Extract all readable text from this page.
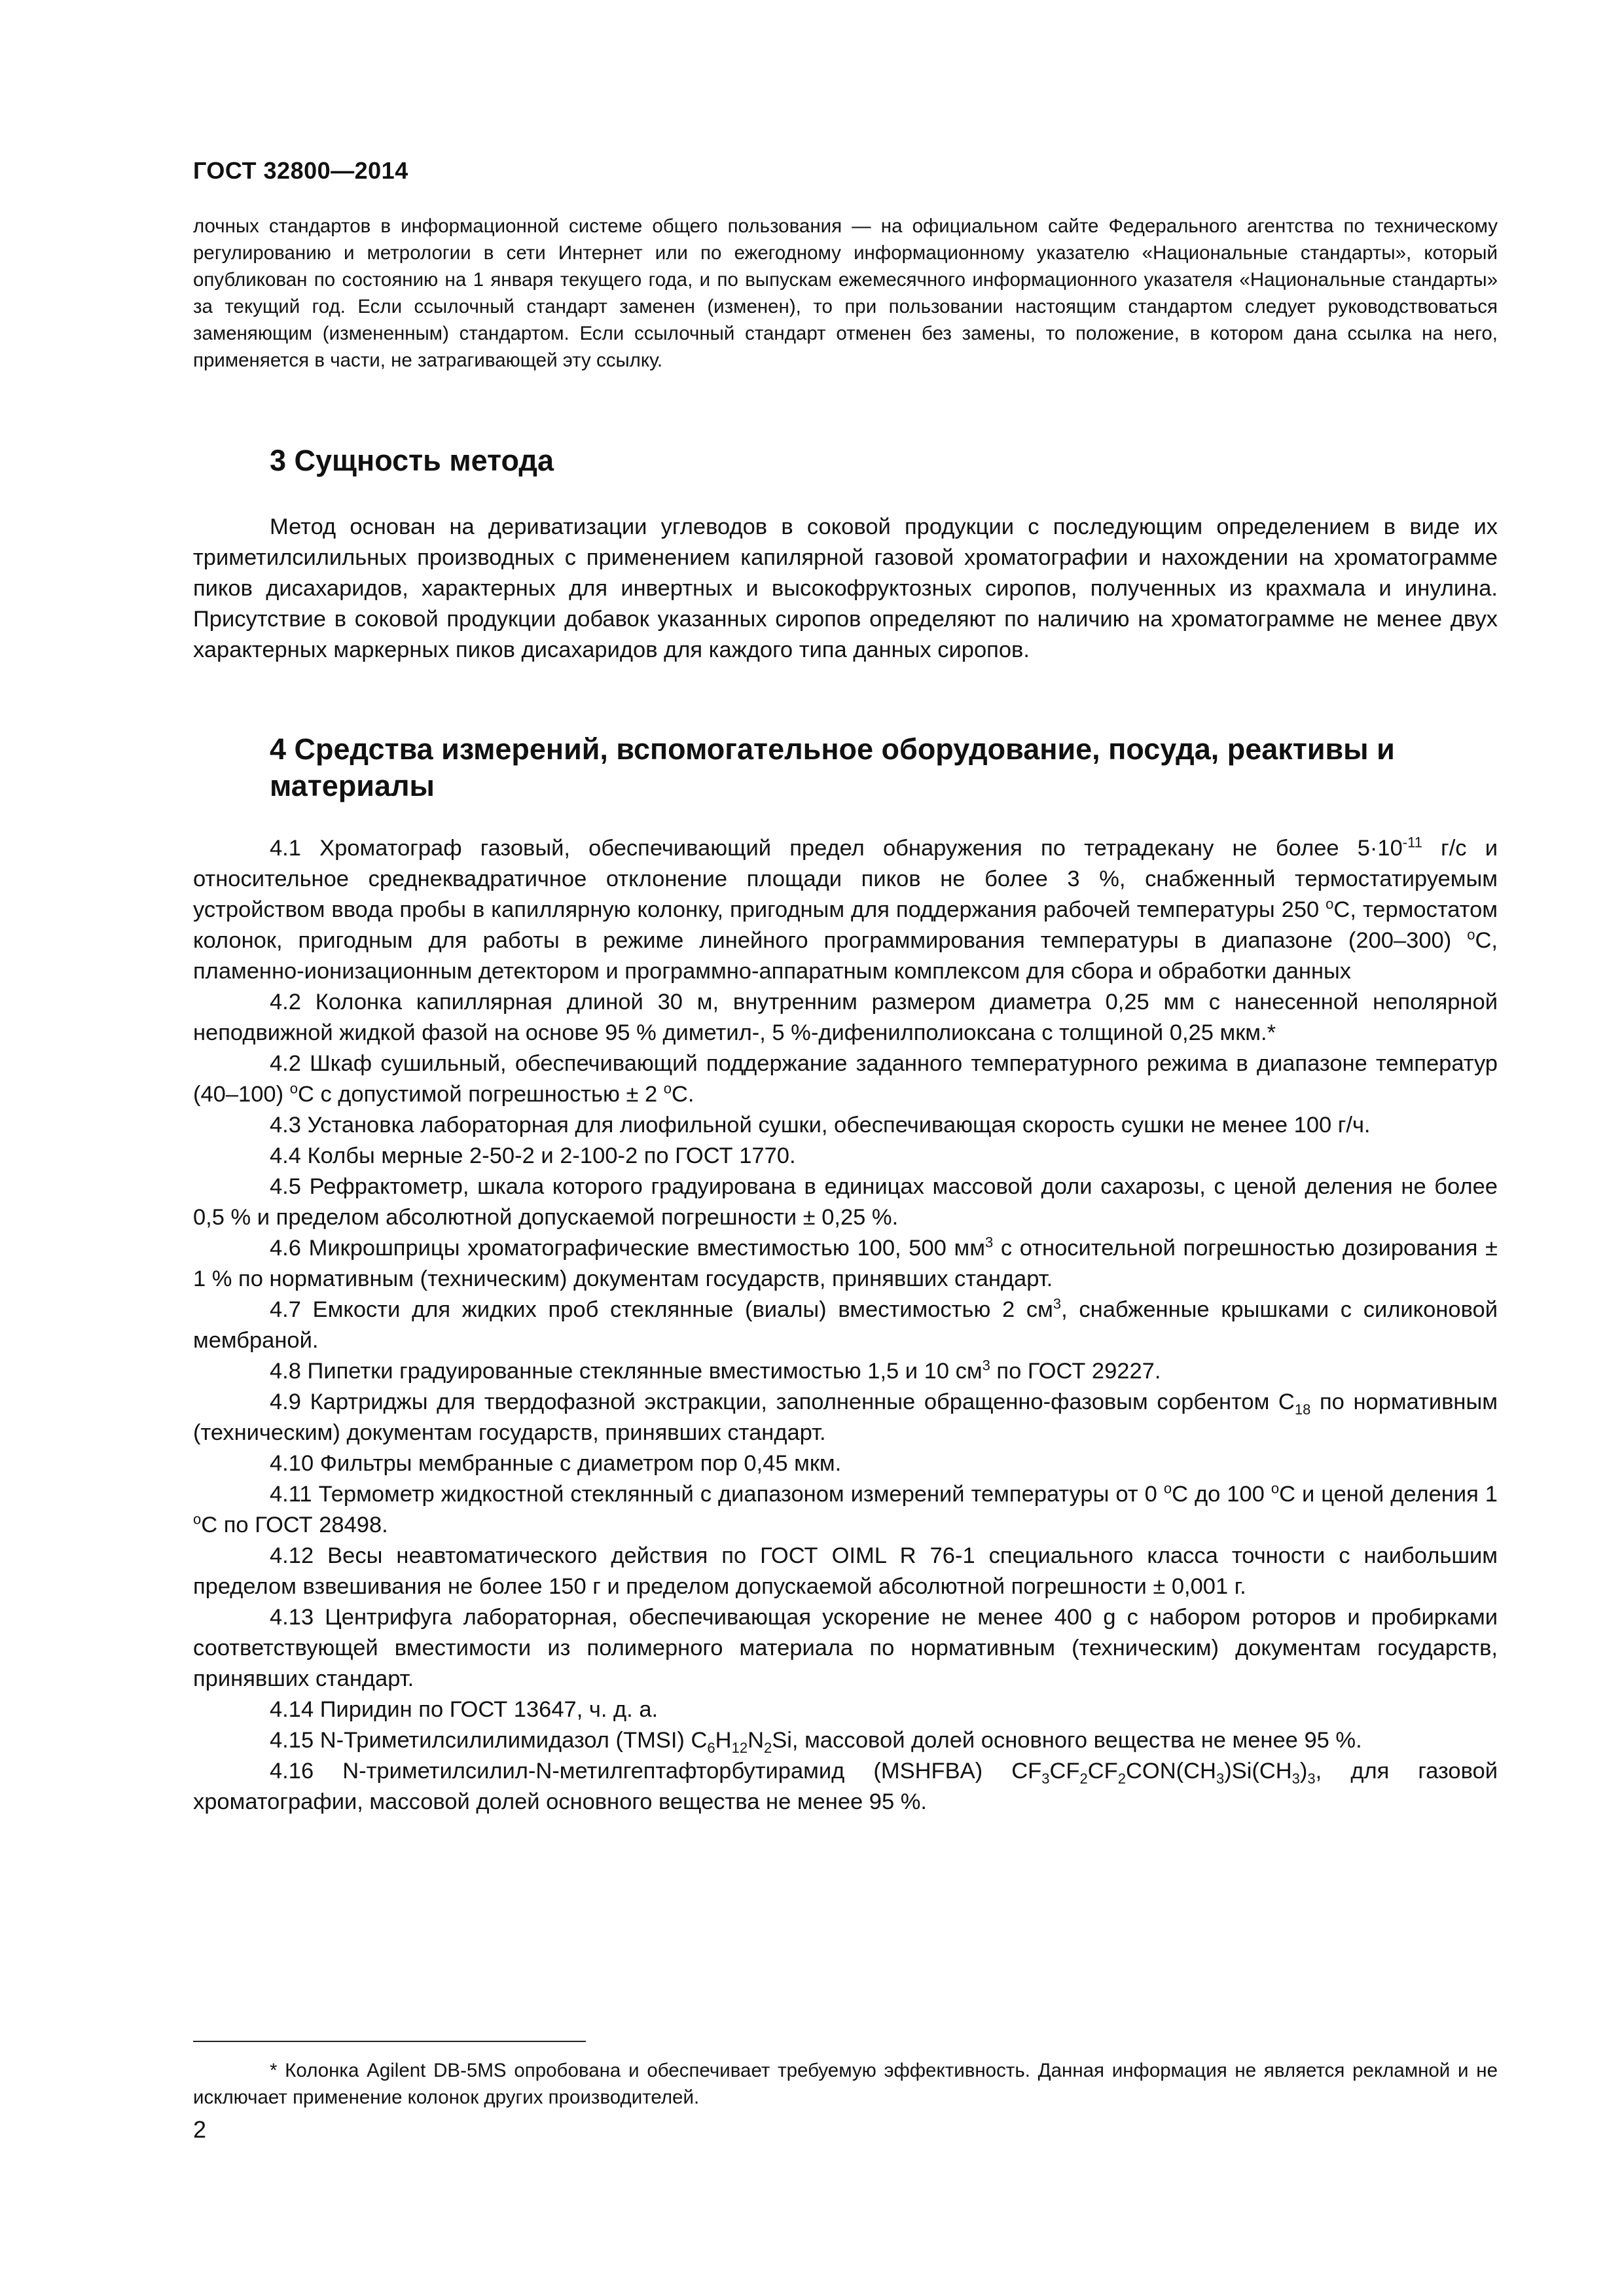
ГОСТ 32800—2014

лочных стандартов в информационной системе общего пользования — на официальном сайте Федерального агентства по техническому регулированию и метрологии в сети Интернет или по ежегодному информационному указателю «Национальные стандарты», который опубликован по состоянию на 1 января текущего года, и по выпускам ежемесячного информационного указателя «Национальные стандарты» за текущий год. Если ссылочный стандарт заменен (изменен), то при пользовании настоящим стандартом следует руководствоваться заменяющим (измененным) стандартом. Если ссылочный стандарт отменен без замены, то положение, в котором дана ссылка на него, применяется в части, не затрагивающей эту ссылку.

3 Сущность метода

Метод основан на дериватизации углеводов в соковой продукции с последующим определением в виде их триметилсилильных производных с применением капилярной газовой хроматографии и нахождении на хроматограмме пиков дисахаридов, характерных для инвертных и высокофруктозных сиропов, полученных из крахмала и инулина. Присутствие в соковой продукции добавок указанных сиропов определяют по наличию на хроматограмме не менее двух характерных маркерных пиков дисахаридов для каждого типа данных сиропов.

4 Средства измерений, вспомогательное оборудование, посуда, реактивы и материалы

4.1 Хроматограф газовый, обеспечивающий предел обнаружения по тетрадекану не более $5\cdot 10^{-11}$ г/с и относительное среднеквадратичное отклонение площади пиков не более 3 %, снабженный термостатируемым устройством ввода пробы в капиллярную колонку, пригодным для поддержания рабочей температуры 250 $^o$С, термостатом колонок, пригодным для работы в режиме линейного программирования температуры в диапазоне (200–300) $^o$С, пламенно-ионизационным детектором и программно-аппаратным комплексом для сбора и обработки данных

4.2 Колонка капиллярная длиной 30 м, внутренним размером диаметра 0,25 мм с нанесенной неполярной неподвижной жидкой фазой на основе 95 % диметил-, 5 %-дифенилполиоксана с толщиной 0,25 мкм.*

4.2 Шкаф сушильный, обеспечивающий поддержание заданного температурного режима в диапазоне температур (40–100) $^o$С с допустимой погрешностью ± 2 $^o$С.

4.3 Установка лабораторная для лиофильной сушки, обеспечивающая скорость сушки не менее 100 г/ч.

4.4 Колбы мерные 2-50-2 и 2-100-2 по ГОСТ 1770.

4.5 Рефрактометр, шкала которого градуирована в единицах массовой доли сахарозы, с ценой деления не более 0,5 % и пределом абсолютной допускаемой погрешности ± 0,25 %.

4.6 Микрошприцы хроматографические вместимостью 100, 500 $мм^3$ с относительной погрешностью дозирования ± 1 % по нормативным (техническим) документам государств, принявших стандарт.

4.7 Емкости для жидких проб стеклянные (виалы) вместимостью 2 $см^3$, снабженные крышками с силиконовой мембраной.

4.8 Пипетки градуированные стеклянные вместимостью 1,5 и 10 $см^3$ по ГОСТ 29227.

4.9 Картриджы для твердофазной экстракции, заполненные обращенно-фазовым сорбентом $С_{18}$ по нормативным (техническим) документам государств, принявших стандарт.

4.10 Фильтры мембранные с диаметром пор 0,45 мкм.

4.11 Термометр жидкостной стеклянный с диапазоном измерений температуры от 0 $^o$С до 100 $^o$С и ценой деления 1 $^o$С по ГОСТ 28498.

4.12 Весы неавтоматического действия по ГОСТ OIML R 76-1 специального класса точности с наибольшим пределом взвешивания не более 150 г и пределом допускаемой абсолютной погрешности ± 0,001 г.

4.13 Центрифуга лабораторная, обеспечивающая ускорение не менее 400 g с набором роторов и пробирками соответствующей вместимости из полимерного материала по нормативным (техническим) документам государств, принявших стандарт.

4.14 Пиридин по ГОСТ 13647, ч. д. а.

4.15 N-Триметилсилилимидазол (TMSI) $C_6H_{12}N_2Si$, массовой долей основного вещества не менее 95 %.

4.16 N-триметилсилил-N-метилгептафторбутирамид (MSHFBA) $CF_3CF_2CF_2CON(CH_3)Si(CH_3)_3$, для газовой хроматографии, массовой долей основного вещества не менее 95 %.

* Колонка Agilent DB-5MS опробована и обеспечивает требуемую эффективность. Данная информация не является рекламной и не исключает применение колонок других производителей.

2
